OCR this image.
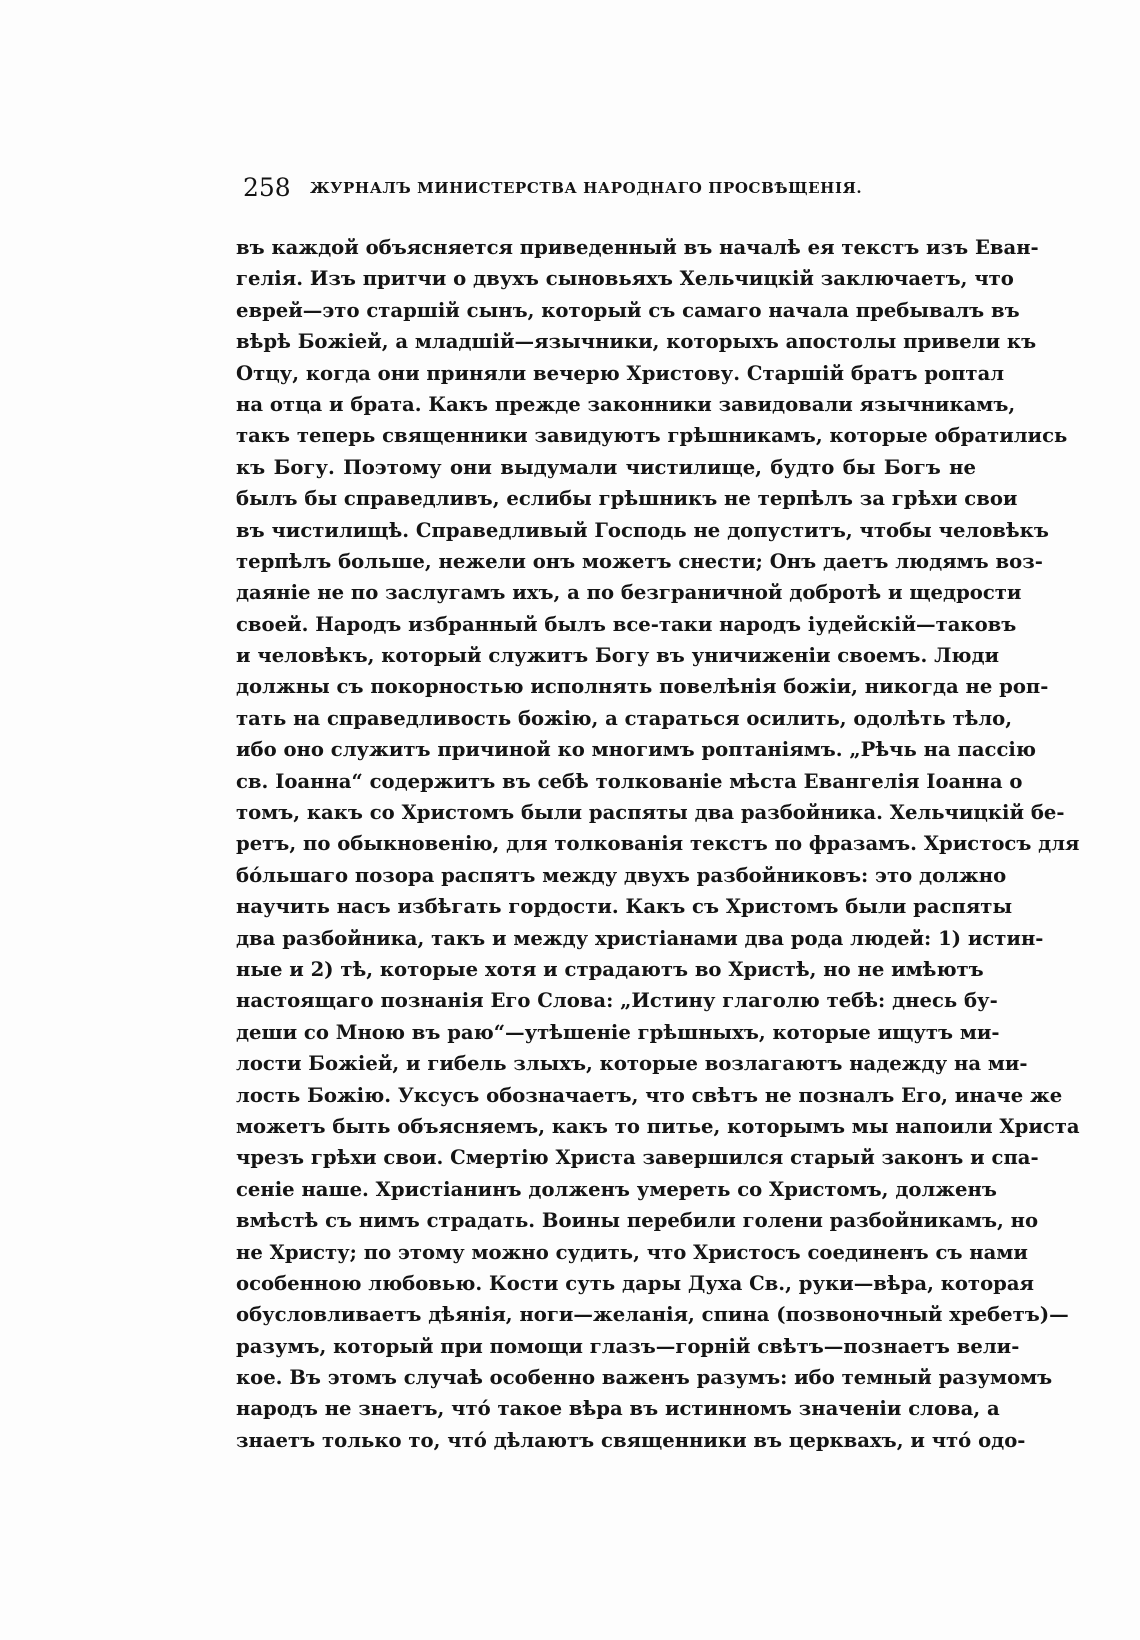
258 ЖУРНАЛЪ МИНИСТЕРСТВА НАРОДНАГО ПРОСВѢЩЕНІЯ.
въ каждой объясняется приведенный въ началѣ ея текстъ изъ Еван-
гелія. Изъ притчи о двухъ сыновьяхъ Хельчицкій заключаетъ, что
еврей—это старшій сынъ, который съ самаго начала пребывалъ въ
вѣрѣ Божіей, а младшій—язычники, которыхъ апостолы привели къ
Отцу, когда они приняли вечерю Христову. Старшій братъ роптал
на отца и брата. Какъ прежде законники завидовали язычникамъ,
такъ теперь священники завидуютъ грѣшникамъ, которые обратились
къ Богу. Поэтому они выдумали чистилище, будто бы Богъ не
былъ бы справедливъ, еслибы грѣшникъ не терпѣлъ за грѣхи свои
въ чистилищѣ. Справедливый Господь не допуститъ, чтобы человѣкъ
терпѣлъ больше, нежели онъ можетъ снести; Онъ даетъ людямъ воз-
даяніе не по заслугамъ ихъ, а по безграничной добротѣ и щедрости
своей. Народъ избранный былъ все-таки народъ іудейскій—таковъ
и человѣкъ, который служитъ Богу въ уничиженіи своемъ. Люди
должны съ покорностью исполнять повелѣнія божіи, никогда не роп-
тать на справедливость божію, а стараться осилить, одолѣть тѣло,
ибо оно служитъ причиной ко многимъ роптаніямъ. „Рѣчь на пассію
св. Іоанна“ содержитъ въ себѣ толкованіе мѣста Евангелія Іоанна о
томъ, какъ со Христомъ были распяты два разбойника. Хельчицкій бе-
ретъ, по обыкновенію, для толкованія текстъ по фразамъ. Христосъ для
бо́льшаго позора распятъ между двухъ разбойниковъ: это должно
научить насъ избѣгать гордости. Какъ съ Христомъ были распяты
два разбойника, такъ и между христіанами два рода людей: 1) истин-
ные и 2) тѣ, которые хотя и страдаютъ во Христѣ, но не имѣютъ
настоящаго познанія Его Слова: „Истину глаголю тебѣ: днесь бу-
деши со Мною въ раю“—утѣшеніе грѣшныхъ, которые ищутъ ми-
лости Божіей, и гибель злыхъ, которые возлагаютъ надежду на ми-
лость Божію. Уксусъ обозначаетъ, что свѣтъ не позналъ Его, иначе же
можетъ быть объясняемъ, какъ то питье, которымъ мы напоили Христа
чрезъ грѣхи свои. Смертію Христа завершился старый законъ и спа-
сеніе наше. Христіанинъ долженъ умереть со Христомъ, долженъ
вмѣстѣ съ нимъ страдать. Воины перебили голени разбойникамъ, но
не Христу; по этому можно судить, что Христосъ соединенъ съ нами
особенною любовью. Кости суть дары Духа Св., руки—вѣра, которая
обусловливаетъ дѣянія, ноги—желанія, спина (позвоночный хребетъ)—
разумъ, который при помощи глазъ—горній свѣтъ—познаетъ вели-
кое. Въ этомъ случаѣ особенно важенъ разумъ: ибо темный разумомъ
народъ не знаетъ, что́ такое вѣра въ истинномъ значеніи слова, а
знаетъ только то, что́ дѣлаютъ священники въ церквахъ, и что́ одо-
